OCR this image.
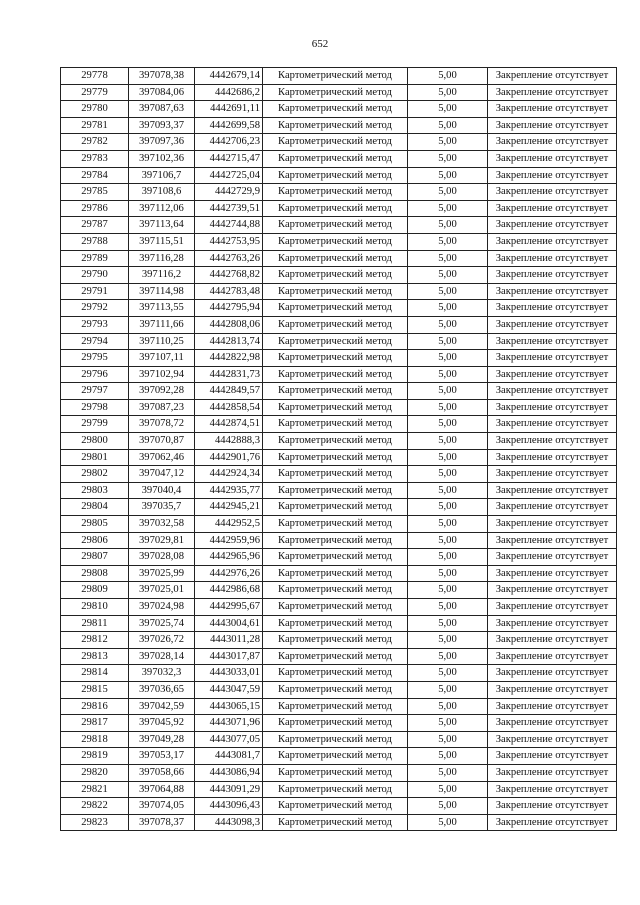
652
29778	397078,38	4442679,14	Картометрический метод	5,00	Закрепление отсутствует
29779	397084,06	4442686,2	Картометрический метод	5,00	Закрепление отсутствует
29780	397087,63	4442691,11	Картометрический метод	5,00	Закрепление отсутствует
29781	397093,37	4442699,58	Картометрический метод	5,00	Закрепление отсутствует
29782	397097,36	4442706,23	Картометрический метод	5,00	Закрепление отсутствует
29783	397102,36	4442715,47	Картометрический метод	5,00	Закрепление отсутствует
29784	397106,7	4442725,04	Картометрический метод	5,00	Закрепление отсутствует
29785	397108,6	4442729,9	Картометрический метод	5,00	Закрепление отсутствует
29786	397112,06	4442739,51	Картометрический метод	5,00	Закрепление отсутствует
29787	397113,64	4442744,88	Картометрический метод	5,00	Закрепление отсутствует
29788	397115,51	4442753,95	Картометрический метод	5,00	Закрепление отсутствует
29789	397116,28	4442763,26	Картометрический метод	5,00	Закрепление отсутствует
29790	397116,2	4442768,82	Картометрический метод	5,00	Закрепление отсутствует
29791	397114,98	4442783,48	Картометрический метод	5,00	Закрепление отсутствует
29792	397113,55	4442795,94	Картометрический метод	5,00	Закрепление отсутствует
29793	397111,66	4442808,06	Картометрический метод	5,00	Закрепление отсутствует
29794	397110,25	4442813,74	Картометрический метод	5,00	Закрепление отсутствует
29795	397107,11	4442822,98	Картометрический метод	5,00	Закрепление отсутствует
29796	397102,94	4442831,73	Картометрический метод	5,00	Закрепление отсутствует
29797	397092,28	4442849,57	Картометрический метод	5,00	Закрепление отсутствует
29798	397087,23	4442858,54	Картометрический метод	5,00	Закрепление отсутствует
29799	397078,72	4442874,51	Картометрический метод	5,00	Закрепление отсутствует
29800	397070,87	4442888,3	Картометрический метод	5,00	Закрепление отсутствует
29801	397062,46	4442901,76	Картометрический метод	5,00	Закрепление отсутствует
29802	397047,12	4442924,34	Картометрический метод	5,00	Закрепление отсутствует
29803	397040,4	4442935,77	Картометрический метод	5,00	Закрепление отсутствует
29804	397035,7	4442945,21	Картометрический метод	5,00	Закрепление отсутствует
29805	397032,58	4442952,5	Картометрический метод	5,00	Закрепление отсутствует
29806	397029,81	4442959,96	Картометрический метод	5,00	Закрепление отсутствует
29807	397028,08	4442965,96	Картометрический метод	5,00	Закрепление отсутствует
29808	397025,99	4442976,26	Картометрический метод	5,00	Закрепление отсутствует
29809	397025,01	4442986,68	Картометрический метод	5,00	Закрепление отсутствует
29810	397024,98	4442995,67	Картометрический метод	5,00	Закрепление отсутствует
29811	397025,74	4443004,61	Картометрический метод	5,00	Закрепление отсутствует
29812	397026,72	4443011,28	Картометрический метод	5,00	Закрепление отсутствует
29813	397028,14	4443017,87	Картометрический метод	5,00	Закрепление отсутствует
29814	397032,3	4443033,01	Картометрический метод	5,00	Закрепление отсутствует
29815	397036,65	4443047,59	Картометрический метод	5,00	Закрепление отсутствует
29816	397042,59	4443065,15	Картометрический метод	5,00	Закрепление отсутствует
29817	397045,92	4443071,96	Картометрический метод	5,00	Закрепление отсутствует
29818	397049,28	4443077,05	Картометрический метод	5,00	Закрепление отсутствует
29819	397053,17	4443081,7	Картометрический метод	5,00	Закрепление отсутствует
29820	397058,66	4443086,94	Картометрический метод	5,00	Закрепление отсутствует
29821	397064,88	4443091,29	Картометрический метод	5,00	Закрепление отсутствует
29822	397074,05	4443096,43	Картометрический метод	5,00	Закрепление отсутствует
29823	397078,37	4443098,3	Картометрический метод	5,00	Закрепление отсутствует
